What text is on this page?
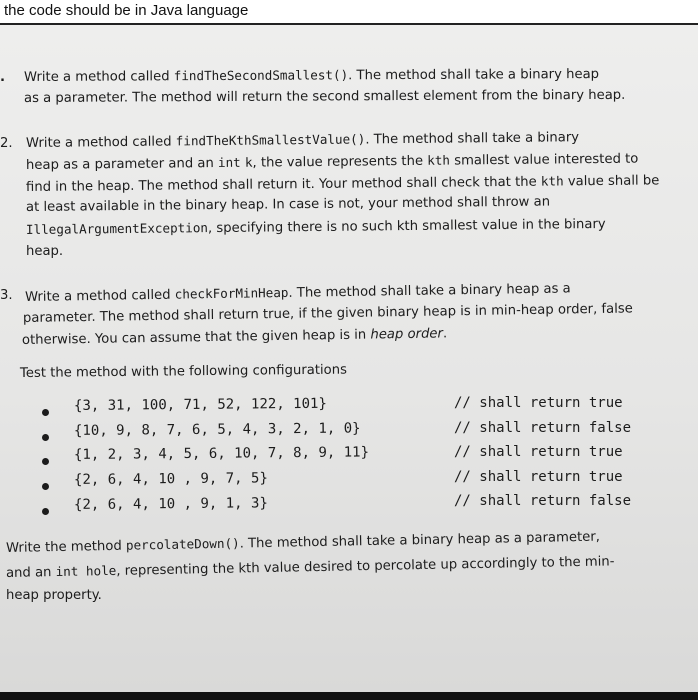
the code should be in Java language
. Write a method called findTheSecondSmallest(). The method shall take a binary heap
as a parameter. The method will return the second smallest element from the binary heap.
2. Write a method called findTheKthSmallestValue(). The method shall take a binary
heap as a parameter and an int k, the value represents the kth smallest value interested to
find in the heap. The method shall return it. Your method shall check that the kth value shall be
at least available in the binary heap. In case is not, your method shall throw an
IllegalArgumentException, specifying there is no such kth smallest value in the binary
heap.
3. Write a method called checkForMinHeap. The method shall take a binary heap as a
parameter. The method shall return true, if the given binary heap is in min-heap order, false
otherwise. You can assume that the given heap is in heap order.
Test the method with the following configurations
{3, 31, 100, 71, 52, 122, 101}	// shall return true
{10, 9, 8, 7, 6, 5, 4, 3, 2, 1, 0}	// shall return false
{1, 2, 3, 4, 5, 6, 10, 7, 8, 9, 11}	// shall return true
{2, 6, 4, 10 , 9, 7, 5}	// shall return true
{2, 6, 4, 10 , 9, 1, 3}	// shall return false
Write the method percolateDown(). The method shall take a binary heap as a parameter,
and an int hole, representing the kth value desired to percolate up accordingly to the min-
heap property.
